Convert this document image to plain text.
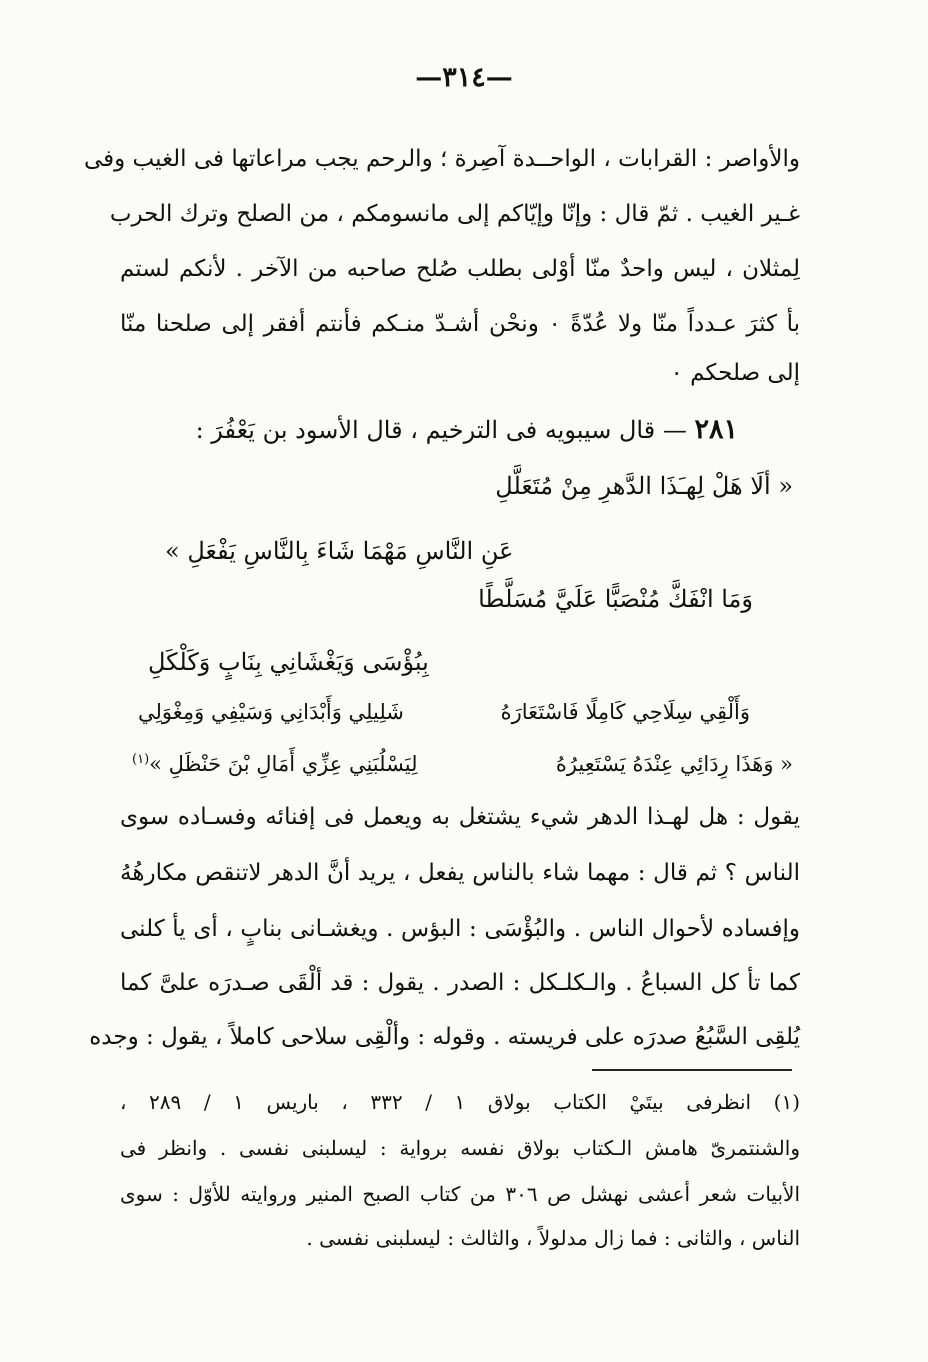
—٣١٤—
والأواصر : القرابات ، الواحــدة آصِرة ؛ والرحم يجب مراعاتها فى الغيب وفى
غـير الغيب . ثمّ قال : وإنّا وإيّاكم إلى مانسومكم ، من الصلح وترك الحرب
لِمثلان ، ليس واحدٌ منّا أوْلى بطلب صُلح صاحبه من الآخر . لأنكم لستم
بأ كثرَ عـدداً منّا ولا عُدّةً ٠ ونحْن أشـدّ منـكم فأنتم أفقر إلى صلحنا منّا
إلى صلحكم ٠
٢٨١ — قال سيبويه فى الترخيم ، قال الأسود بن يَعْفُرَ :
« ألَا هَلْ لِهـَذَا الدَّهرِ مِنْ مُتَعَلَّلِ
عَنِ النَّاسِ مَهْمَا شَاءَ بِالنَّاسِ يَفْعَلِ »
وَمَا انْفَكَّ مُنْصَبًّا عَلَيَّ مُسَلَّطًا
بِبُؤْسَى وَيَغْشَانِي بِنَابٍ وَكَلْكَلِ
وَأَلْقِي سِلَاحِي كَامِلًا فَاسْتَعَارَهُ
شَلِيلِي وَأَبْدَانِي وَسَيْفِي وَمِغْوَلِي
« وَهَذَا رِدَائِي عِنْدَهُ يَسْتَعِيرُهُ
لِيَسْلُبَنِي عِزِّي أَمَالِ بْنَ حَنْظَلِ »$^{(١)}$
يقول : هل لهـذا الدهر شيء يشتغل به ويعمل فى إفنائه وفسـاده سوى
الناس ؟ ثم قال : مهما شاء بالناس يفعل ، يريد أنَّ الدهر لاتنقص مكارهُهُ
وإفساده لأحوال الناس . والبُؤْسَى : البؤس . ويغشـانى بنابٍ ، أى يأ كلنى
كما تأ كل السباعُ . والـكلـكل : الصدر . يقول : قد ألْقَى صـدرَه علىَّ كما
يُلقِى السَّبُعُ صدرَه على فريسته . وقوله : وألْقِى سلاحى كاملاً ، يقول : وجده
(١) انظرفى بيتَيْ الكتاب بولاق ١ / ٣٣٢ ، باريس ١ / ٢٨٩ ،
والشنتمرىّ هامش الـكتاب بولاق نفسه برواية : ليسلبنى نفسى . وانظر فى
الأبيات شعر أعشى نهشل ص ٣٠٦ من كتاب الصبح المنير وروايته للأوّل : سوى
الناس ، والثانى : فما زال مدلولاً ، والثالث : ليسلبنى نفسى .
